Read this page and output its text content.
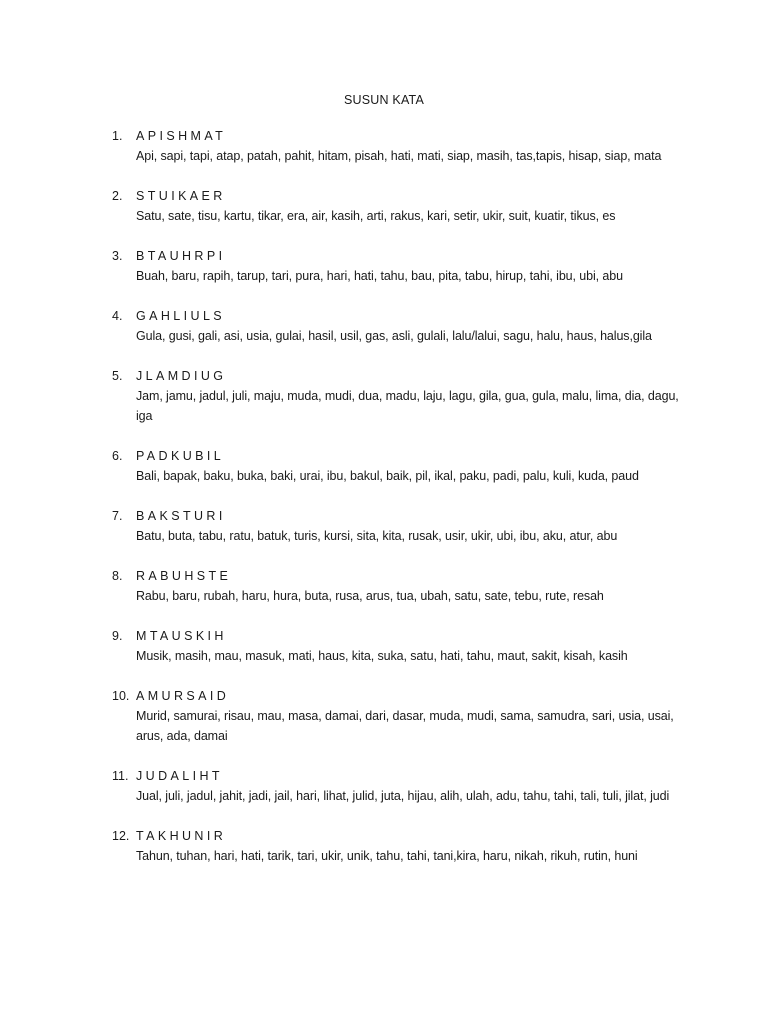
SUSUN KATA
1. APISHMAT
Api, sapi, tapi, atap, patah, pahit, hitam, pisah, hati, mati, siap, masih, tas,tapis, hisap, siap, mata
2. STUIKAER
Satu, sate, tisu, kartu, tikar, era, air, kasih, arti, rakus, kari, setir, ukir, suit, kuatir, tikus, es
3. BTAUHRPI
Buah, baru, rapih, tarup, tari, pura, hari, hati, tahu, bau, pita, tabu, hirup, tahi, ibu, ubi, abu
4. GAHLIULS
Gula, gusi, gali, asi, usia, gulai, hasil, usil, gas, asli, gulali, lalu/lalui, sagu, halu, haus, halus,gila
5. JLAMDIUG
Jam, jamu, jadul, juli, maju, muda, mudi, dua, madu, laju, lagu, gila, gua, gula, malu, lima, dia, dagu, iga
6. PADKUBIL
Bali, bapak, baku, buka, baki, urai, ibu, bakul, baik, pil, ikal, paku, padi, palu, kuli, kuda, paud
7. BAKSTURI
Batu, buta, tabu, ratu, batuk, turis, kursi, sita, kita, rusak, usir, ukir, ubi, ibu, aku, atur, abu
8. RABUHSTE
Rabu, baru, rubah, haru, hura, buta, rusa, arus, tua, ubah, satu, sate, tebu, rute, resah
9. MTAUSKIH
Musik, masih, mau, masuk, mati, haus, kita, suka, satu, hati, tahu, maut, sakit, kisah, kasih
10. AMURSAID
Murid, samurai, risau, mau, masa, damai, dari, dasar, muda, mudi, sama, samudra, sari, usia, usai, arus, ada, damai
11. JUDALIHT
Jual, juli, jadul, jahit, jadi, jail, hari, lihat, julid, juta, hijau, alih, ulah, adu, tahu, tahi, tali, tuli, jilat, judi
12. TAKHUNIR
Tahun, tuhan, hari, hati, tarik, tari, ukir, unik, tahu, tahi, tani,kira, haru, nikah, rikuh, rutin, huni
